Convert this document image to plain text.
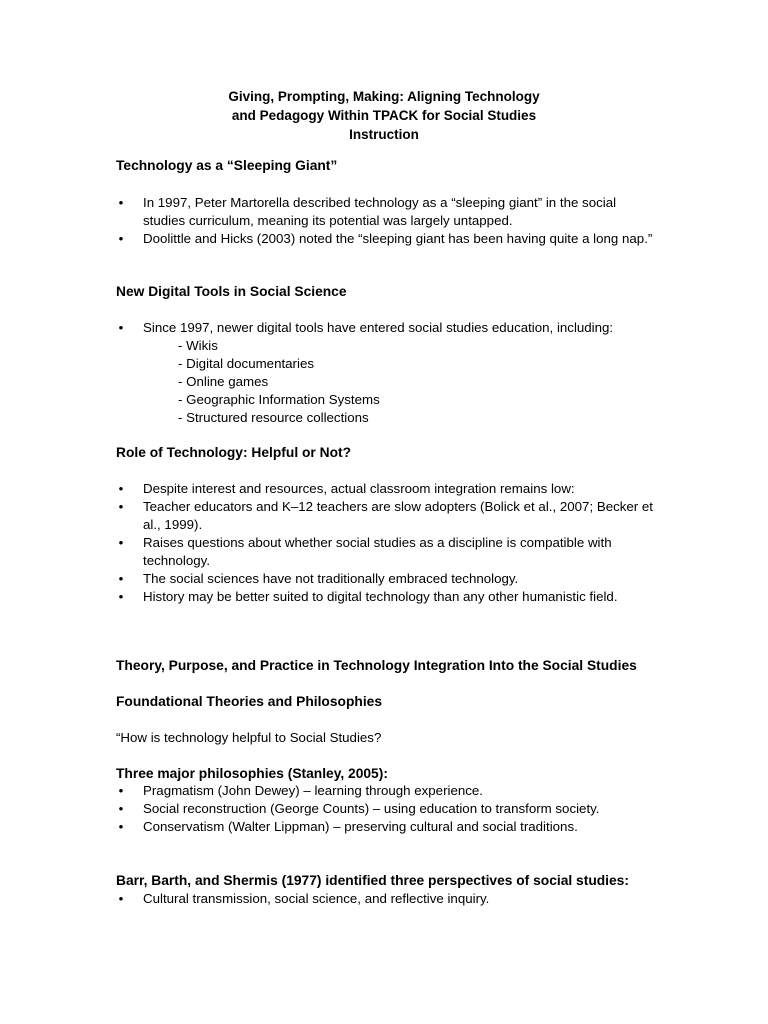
Giving, Prompting, Making: Aligning Technology
and Pedagogy Within TPACK for Social Studies
Instruction
Technology as a “Sleeping Giant”
• In 1997, Peter Martorella described technology as a “sleeping giant” in the social studies curriculum, meaning its potential was largely untapped.
• Doolittle and Hicks (2003) noted the “sleeping giant has been having quite a long nap.”
New Digital Tools in Social Science
• Since 1997, newer digital tools have entered social studies education, including:
- Wikis
- Digital documentaries
- Online games
- Geographic Information Systems
- Structured resource collections
Role of Technology: Helpful or Not?
• Despite interest and resources, actual classroom integration remains low:
• Teacher educators and K–12 teachers are slow adopters (Bolick et al., 2007; Becker et al., 1999).
• Raises questions about whether social studies as a discipline is compatible with technology.
• The social sciences have not traditionally embraced technology.
• History may be better suited to digital technology than any other humanistic field.
Theory, Purpose, and Practice in Technology Integration Into the Social Studies
Foundational Theories and Philosophies
“How is technology helpful to Social Studies?
Three major philosophies (Stanley, 2005):
• Pragmatism (John Dewey) – learning through experience.
• Social reconstruction (George Counts) – using education to transform society.
• Conservatism (Walter Lippman) – preserving cultural and social traditions.
Barr, Barth, and Shermis (1977) identified three perspectives of social studies:
• Cultural transmission, social science, and reflective inquiry.
